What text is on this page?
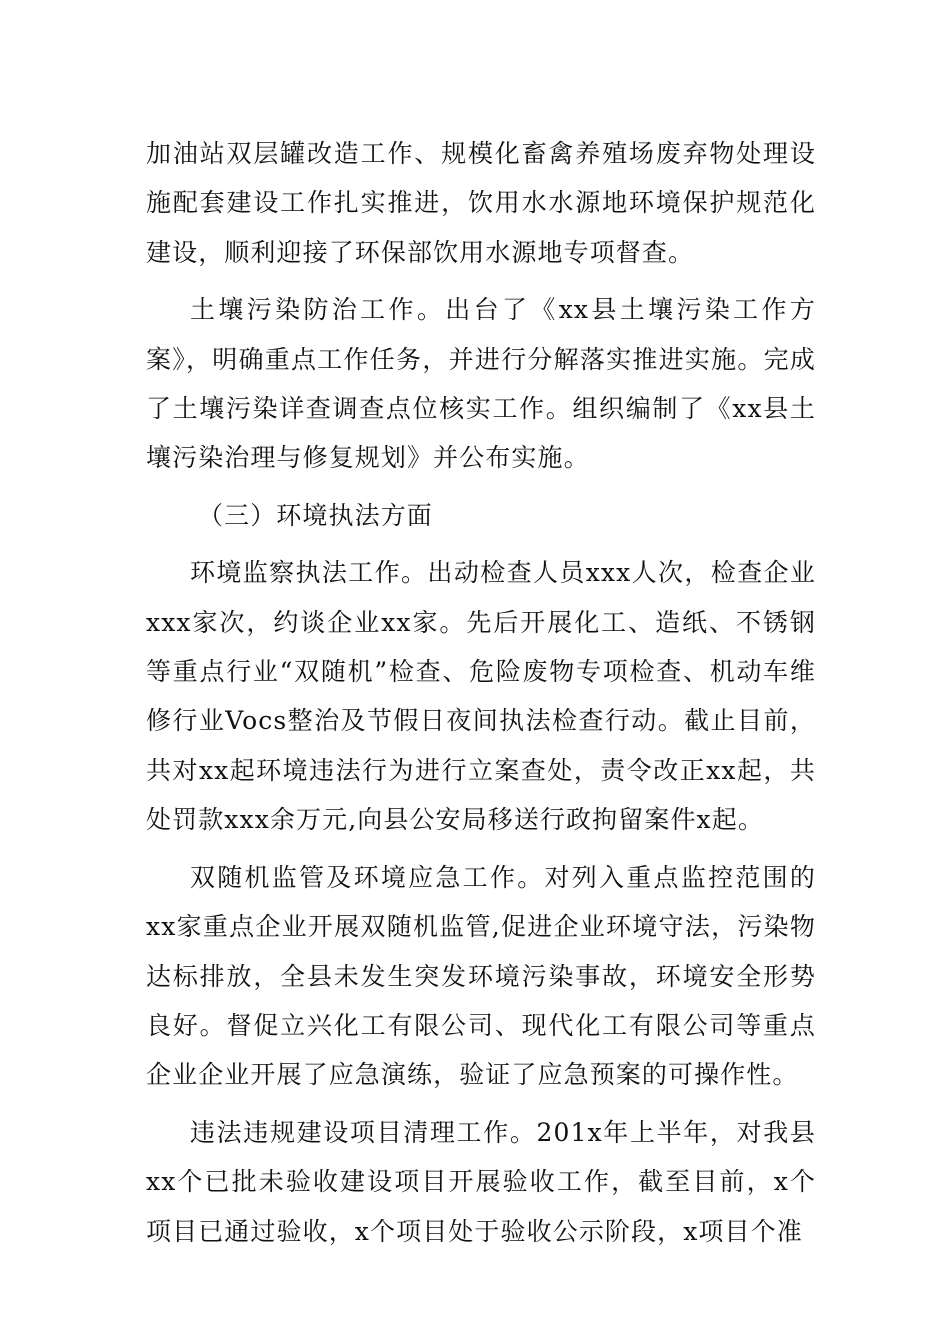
加油站双层罐改造工作、规模化畜禽养殖场废弃物处理设施配套建设工作扎实推进，饮用水水源地环境保护规范化建设，顺利迎接了环保部饮用水源地专项督查。

土壤污染防治工作。出台了《xx县土壤污染工作方案》，明确重点工作任务，并进行分解落实推进实施。完成了土壤污染详查调查点位核实工作。组织编制了《xx县土壤污染治理与修复规划》并公布实施。

（三）环境执法方面

环境监察执法工作。出动检查人员xxx人次，检查企业xxx家次，约谈企业xx家。先后开展化工、造纸、不锈钢等重点行业“双随机”检查、危险废物专项检查、机动车维修行业Vocs整治及节假日夜间执法检查行动。截止目前，共对xx起环境违法行为进行立案查处，责令改正xx起，共处罚款xxx余万元,向县公安局移送行政拘留案件x起。

双随机监管及环境应急工作。对列入重点监控范围的xx家重点企业开展双随机监管,促进企业环境守法，污染物达标排放，全县未发生突发环境污染事故，环境安全形势良好。督促立兴化工有限公司、现代化工有限公司等重点企业企业开展了应急演练，验证了应急预案的可操作性。

违法违规建设项目清理工作。201x年上半年，对我县xx个已批未验收建设项目开展验收工作，截至目前，x个项目已通过验收，x个项目处于验收公示阶段，x项目个准
